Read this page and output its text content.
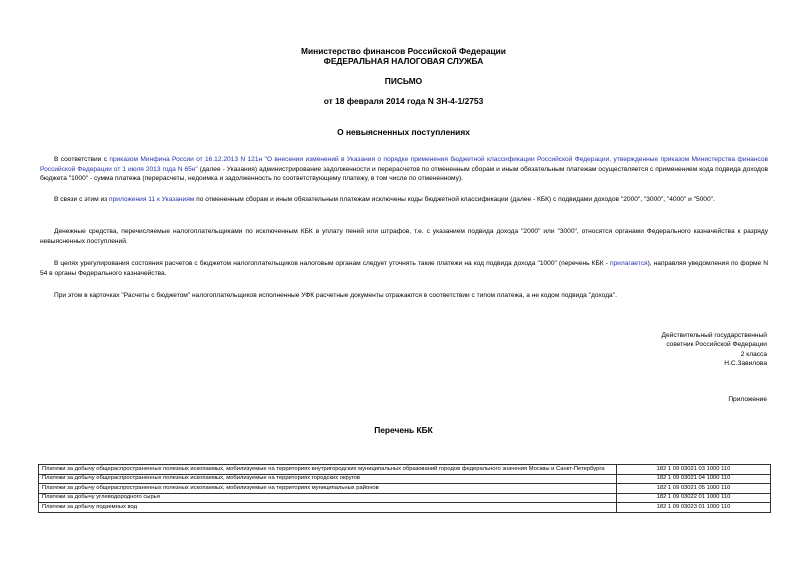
Министерство финансов Российской Федерации
ФЕДЕРАЛЬНАЯ НАЛОГОВАЯ СЛУЖБА
ПИСЬМО
от 18 февраля 2014 года N ЗН-4-1/2753
О невыясненных поступлениях
В соответствии с приказом Минфина России от 16.12.2013 N 121н "О внесении изменений в Указания о порядке применения бюджетной классификации Российской Федерации, утвержденные приказом Министерства финансов Российской Федерации от 1 июля 2013 года N 65н" (далее - Указания) администрирование задолженности и перерасчетов по отмененным сборам и иным обязательным платежам осуществляется с применением кода подвида доходов бюджета "1000" - сумма платежа (перерасчеты, недоимка и задолженность по соответствующему платежу, в том числе по отмененному).
В связи с этим из приложения 11 к Указаниям по отмененным сборам и иным обязательным платежам исключены коды бюджетной классификации (далее - КБК) с подвидами доходов "2000", "3000", "4000" и "5000".
Денежные средства, перечисляемые налогоплательщиками по исключенным КБК в уплату пеней или штрафов, т.е. с указанием подвида дохода "2000" или "3000", относятся органами Федерального казначейства к разряду невыясненных поступлений.
В целях урегулирования состояния расчетов с бюджетом налогоплательщиков налоговым органам следует уточнять такие платежи на код подвида дохода "1000" (перечень КБК - прилагается), направляя уведомления по форме N 54 в органы Федерального казначейства.
При этом в карточках "Расчеты с бюджетом" налогоплательщиков исполненные УФК расчетные документы отражаются в соответствии с типом платежа, а не кодом подвида "дохода".
Действительный государственный
советник Российской Федерации
2 класса
Н.С.Завилова
Приложение
Перечень КБК
Платежи за добычу общераспространенных полезных ископаемых, мобилизуемые на территориях внутригородских муниципальных образований городов федерального значения Москвы и Санкт-Петербурга	182 1 09 03021 03 1000 110
Платежи за добычу общераспространенных полезных ископаемых, мобилизуемые на территориях городских округов	182 1 09 03021 04 1000 110
Платежи за добычу общераспространенных полезных ископаемых, мобилизуемые на территориях муниципальных районов	182 1 09 03021 05 1000 110
Платежи за добычу углеводородного сырья	182 1 09 03022 01 1000 110
Платежи за добычу подземных вод	182 1 09 03023 01 1000 110
